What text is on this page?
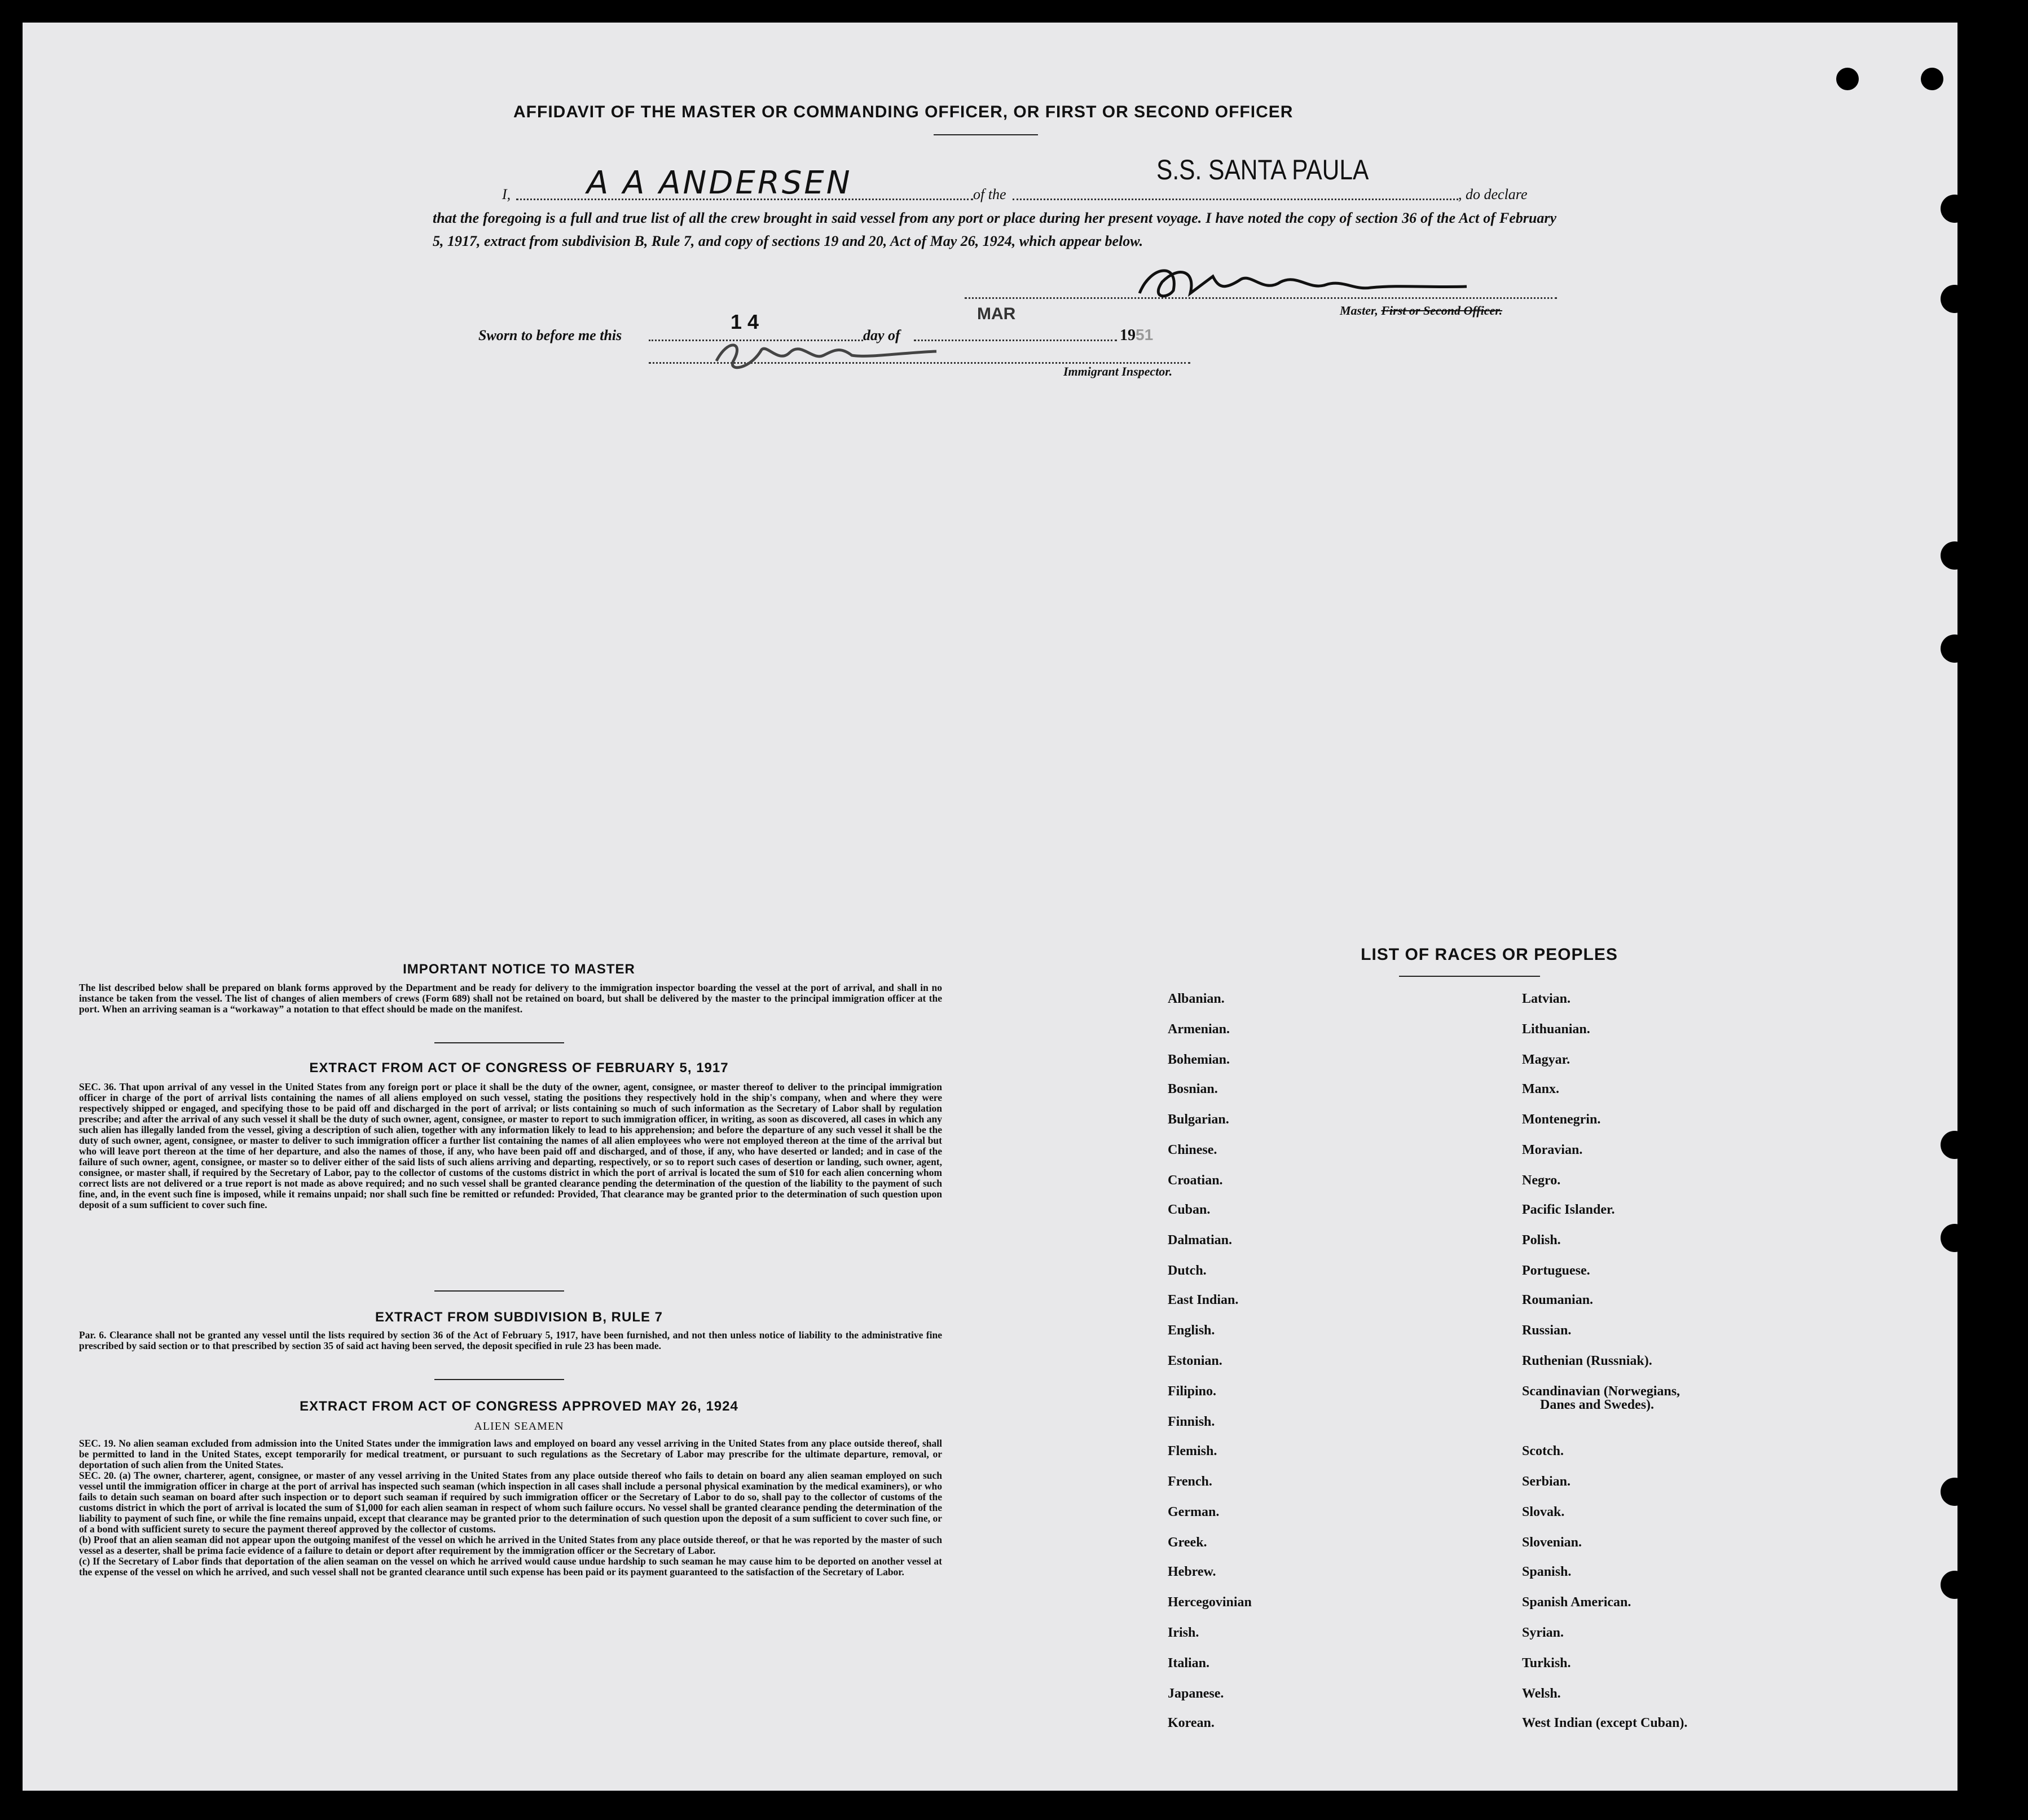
AFFIDAVIT OF THE MASTER OR COMMANDING OFFICER, OR FIRST OR SECOND OFFICER
I, A A ANDERSEN	of the
S.S. SANTA PAULA
, do declare
that the foregoing is a full and true list of all the crew brought in said vessel from any port or place during her present voyage. I have noted the copy of section 36 of the Act of February 5, 1917, extract from subdivision B, Rule 7, and copy of sections 19 and 20, Act of May 26, 1924, which appear below.
Master, First or Second Officer.
Sworn to before me this
14
day of
MAR
1951
Immigrant Inspector.
IMPORTANT NOTICE TO MASTER
The list described below shall be prepared on blank forms approved by the Department and be ready for delivery to the immigration inspector boarding the vessel at the port of arrival, and shall in no instance be taken from the vessel. The list of changes of alien members of crews (Form 689) shall not be retained on board, but shall be delivered by the master to the principal immigration officer at the port. When an arriving seaman is a “workaway” a notation to that effect should be made on the manifest.
EXTRACT FROM ACT OF CONGRESS OF FEBRUARY 5, 1917
SEC. 36. That upon arrival of any vessel in the United States from any foreign port or place it shall be the duty of the owner, agent, consignee, or master thereof to deliver to the principal immigration officer in charge of the port of arrival lists containing the names of all aliens employed on such vessel, stating the positions they respectively hold in the ship's company, when and where they were respectively shipped or engaged, and specifying those to be paid off and discharged in the port of arrival; or lists containing so much of such information as the Secretary of Labor shall by regulation prescribe; and after the arrival of any such vessel it shall be the duty of such owner, agent, consignee, or master to report to such immigration officer, in writing, as soon as discovered, all cases in which any such alien has illegally landed from the vessel, giving a description of such alien, together with any information likely to lead to his apprehension; and before the departure of any such vessel it shall be the duty of such owner, agent, consignee, or master to deliver to such immigration officer a further list containing the names of all alien employees who were not employed thereon at the time of the arrival but who will leave port thereon at the time of her departure, and also the names of those, if any, who have been paid off and discharged, and of those, if any, who have deserted or landed; and in case of the failure of such owner, agent, consignee, or master so to deliver either of the said lists of such aliens arriving and departing, respectively, or so to report such cases of desertion or landing, such owner, agent, consignee, or master shall, if required by the Secretary of Labor, pay to the collector of customs of the customs district in which the port of arrival is located the sum of $10 for each alien concerning whom correct lists are not delivered or a true report is not made as above required; and no such vessel shall be granted clearance pending the determination of the question of the liability to the payment of such fine, and, in the event such fine is imposed, while it remains unpaid; nor shall such fine be remitted or refunded: Provided, That clearance may be granted prior to the determination of such question upon deposit of a sum sufficient to cover such fine.
EXTRACT FROM SUBDIVISION B, RULE 7
Par. 6. Clearance shall not be granted any vessel until the lists required by section 36 of the Act of February 5, 1917, have been furnished, and not then unless notice of liability to the administrative fine prescribed by said section or to that prescribed by section 35 of said act having been served, the deposit specified in rule 23 has been made.
EXTRACT FROM ACT OF CONGRESS APPROVED MAY 26, 1924
ALIEN SEAMEN
SEC. 19. No alien seaman excluded from admission into the United States under the immigration laws and employed on board any vessel arriving in the United States from any place outside thereof, shall be permitted to land in the United States, except temporarily for medical treatment, or pursuant to such regulations as the Secretary of Labor may prescribe for the ultimate departure, removal, or deportation of such alien from the United States.
SEC. 20. (a) The owner, charterer, agent, consignee, or master of any vessel arriving in the United States from any place outside thereof who fails to detain on board any alien seaman employed on such vessel until the immigration officer in charge at the port of arrival has inspected such seaman (which inspection in all cases shall include a personal physical examination by the medical examiners), or who fails to detain such seaman on board after such inspection or to deport such seaman if required by such immigration officer or the Secretary of Labor to do so, shall pay to the collector of customs of the customs district in which the port of arrival is located the sum of $1,000 for each alien seaman in respect of whom such failure occurs. No vessel shall be granted clearance pending the determination of the liability to payment of such fine, or while the fine remains unpaid, except that clearance may be granted prior to the determination of such question upon the deposit of a sum sufficient to cover such fine, or of a bond with sufficient surety to secure the payment thereof approved by the collector of customs.
(b) Proof that an alien seaman did not appear upon the outgoing manifest of the vessel on which he arrived in the United States from any place outside thereof, or that he was reported by the master of such vessel as a deserter, shall be prima facie evidence of a failure to detain or deport after requirement by the immigration officer or the Secretary of Labor.
(c) If the Secretary of Labor finds that deportation of the alien seaman on the vessel on which he arrived would cause undue hardship to such seaman he may cause him to be deported on another vessel at the expense of the vessel on which he arrived, and such vessel shall not be granted clearance until such expense has been paid or its payment guaranteed to the satisfaction of the Secretary of Labor.
LIST OF RACES OR PEOPLES
Albanian.
Armenian.
Bohemian.
Bosnian.
Bulgarian.
Chinese.
Croatian.
Cuban.
Dalmatian.
Dutch.
East Indian.
English.
Estonian.
Filipino.
Finnish.
Flemish.
French.
German.
Greek.
Hebrew.
Hercegovinian
Irish.
Italian.
Japanese.
Korean.
Latvian.
Lithuanian.
Magyar.
Manx.
Montenegrin.
Moravian.
Negro.
Pacific Islander.
Polish.
Portuguese.
Roumanian.
Russian.
Ruthenian (Russniak).
Scandinavian (Norwegians,
Danes and Swedes).
Scotch.
Serbian.
Slovak.
Slovenian.
Spanish.
Spanish American.
Syrian.
Turkish.
Welsh.
West Indian (except Cuban).
